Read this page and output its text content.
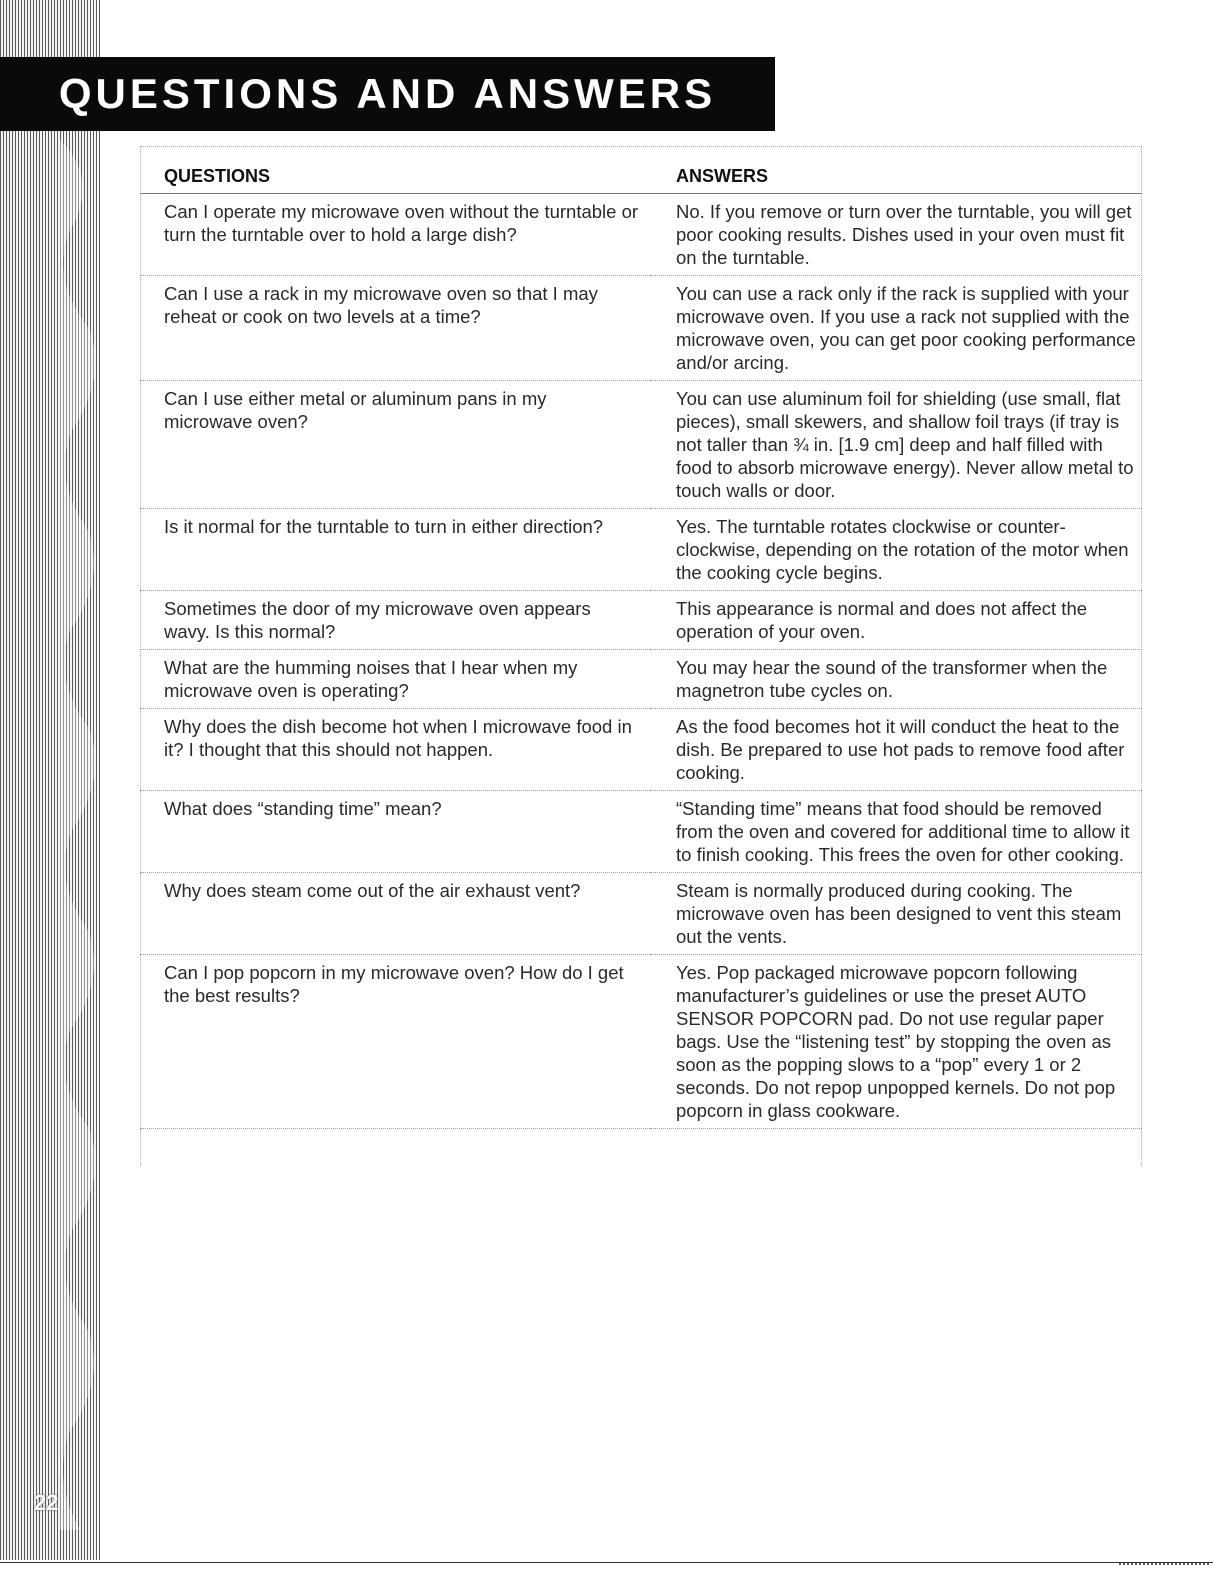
QUESTIONS AND ANSWERS
22
QUESTIONS	ANSWERS
Can I operate my microwave oven without the turntable or turn the turntable over to hold a large dish?	No. If you remove or turn over the turntable, you will get poor cooking results. Dishes used in your oven must fit on the turntable.
Can I use a rack in my microwave oven so that I may reheat or cook on two levels at a time?	You can use a rack only if the rack is supplied with your microwave oven. If you use a rack not supplied with the microwave oven, you can get poor cooking performance and/or arcing.
Can I use either metal or aluminum pans in my microwave oven?	You can use aluminum foil for shielding (use small, flat pieces), small skewers, and shallow foil trays (if tray is not taller than ¾ in. [1.9 cm] deep and half filled with food to absorb microwave energy). Never allow metal to touch walls or door.
Is it normal for the turntable to turn in either direction?	Yes. The turntable rotates clockwise or counter-clockwise, depending on the rotation of the motor when the cooking cycle begins.
Sometimes the door of my microwave oven appears wavy. Is this normal?	This appearance is normal and does not affect the operation of your oven.
What are the humming noises that I hear when my microwave oven is operating?	You may hear the sound of the transformer when the magnetron tube cycles on.
Why does the dish become hot when I microwave food in it? I thought that this should not happen.	As the food becomes hot it will conduct the heat to the dish. Be prepared to use hot pads to remove food after cooking.
What does “standing time” mean?	“Standing time” means that food should be removed from the oven and covered for additional time to allow it to finish cooking. This frees the oven for other cooking.
Why does steam come out of the air exhaust vent?	Steam is normally produced during cooking. The microwave oven has been designed to vent this steam out the vents.
Can I pop popcorn in my microwave oven? How do I get the best results?	Yes. Pop packaged microwave popcorn following manufacturer’s guidelines or use the preset AUTO SENSOR POPCORN pad. Do not use regular paper bags. Use the “listening test” by stopping the oven as soon as the popping slows to a “pop” every 1 or 2 seconds. Do not repop unpopped kernels. Do not pop popcorn in glass cookware.
